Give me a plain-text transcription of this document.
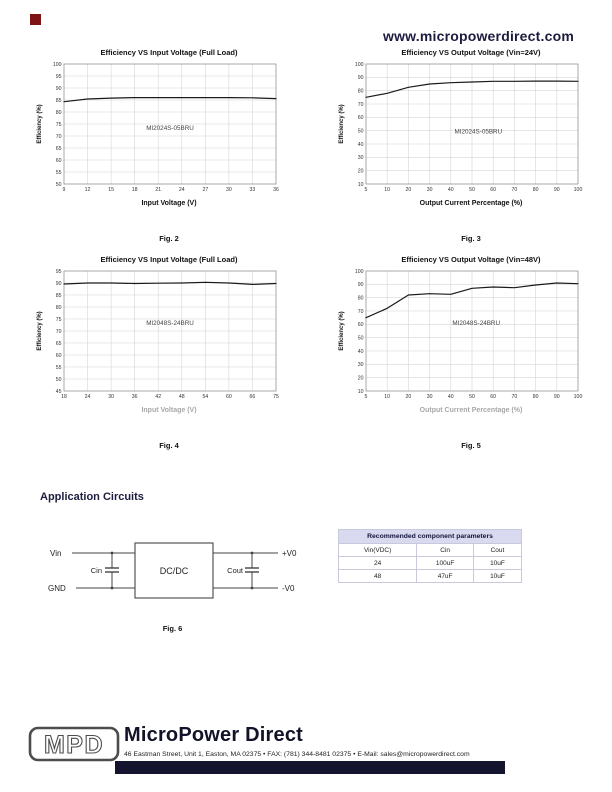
www.micropowerdirect.com
Efficiency VS Input Voltage (Full Load)
9	12	15	18	21	24	27	30	33	36
50
55
60
65
70
75
80
85
90
95
100
MI2024S-05BRU
Efficiency (%)
Input Voltage (V)
Fig. 2
Efficiency VS Output Voltage (Vin=24V)
5	10	20	30	40	50	60	70	80	90	100
10
20
30
40
50
60
70
80
90
100
MI2024S-05BRU
Efficiency (%)
Output Current Percentage (%)
Fig. 3
Efficiency VS Input Voltage (Full Load)
18	24	30	36	42	48	54	60	66	75
45
50
55
60
65
70
75
80
85
90
95
MI2048S-24BRU
Efficiency (%)
Input Voltage (V)
Fig. 4
Efficiency VS Output Voltage (Vin=48V)
5	10	20	30	40	50	60	70	80	90	100
10
20
30
40
50
60
70
80
90
100
MI2048S-24BRU
Efficiency (%)
Output Current Percentage (%)
Fig. 5
Application Circuits
Vin
GND
Cin	Cout
DC/DC
+V0
-V0
Fig. 6
Recommended component parameters		
Vin(VDC)	Cin	Cout
24	100uF	10uF
48	47uF	10uF
MPD MicroPower Direct
46 Eastman Street, Unit 1, Easton, MA 02375 • FAX: (781) 344-8481 02375 • E-Mail: sales@micropowerdirect.com
